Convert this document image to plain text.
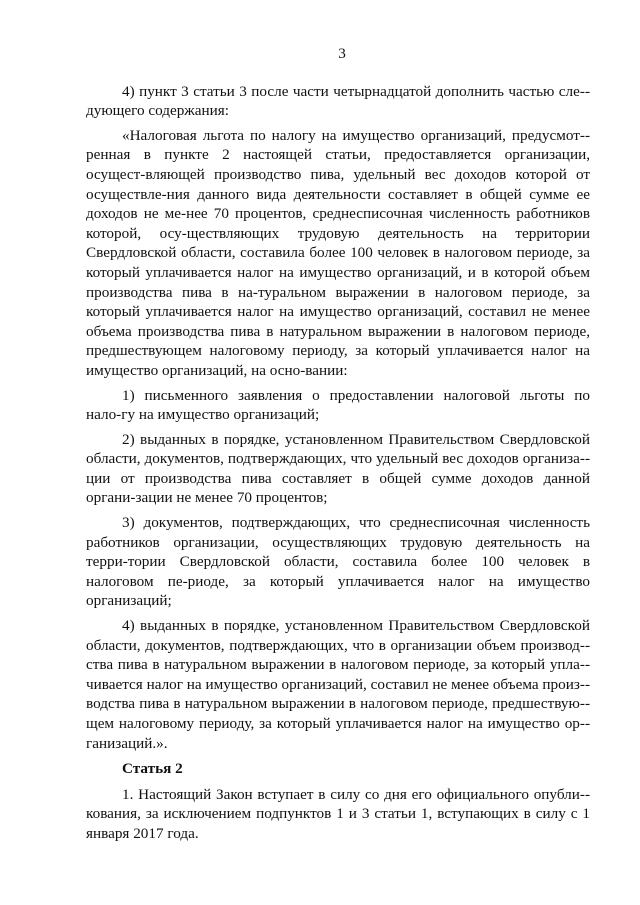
3

4) пункт 3 статьи 3 после части четырнадцатой дополнить частью сле-дующего содержания:

«Налоговая льгота по налогу на имущество организаций, предусмот-ренная в пункте 2 настоящей статьи, предоставляется организации, осущест-вляющей производство пива, удельный вес доходов которой от осуществле-ния данного вида деятельности составляет в общей сумме ее доходов не ме-нее 70 процентов, среднесписочная численность работников которой, осу-ществляющих трудовую деятельность на территории Свердловской области, составила более 100 человек в налоговом периоде, за который уплачивается налог на имущество организаций, и в которой объем производства пива в на-туральном выражении в налоговом периоде, за который уплачивается налог на имущество организаций, составил не менее объема производства пива в натуральном выражении в налоговом периоде, предшествующем налоговому периоду, за который уплачивается налог на имущество организаций, на осно-вании:

1) письменного заявления о предоставлении налоговой льготы по нало-гу на имущество организаций;

2) выданных в порядке, установленном Правительством Свердловской области, документов, подтверждающих, что удельный вес доходов организа-ции от производства пива составляет в общей сумме доходов данной органи-зации не менее 70 процентов;

3) документов, подтверждающих, что среднесписочная численность работников организации, осуществляющих трудовую деятельность на терри-тории Свердловской области, составила более 100 человек в налоговом пе-риоде, за который уплачивается налог на имущество организаций;

4) выданных в порядке, установленном Правительством Свердловской области, документов, подтверждающих, что в организации объем производ-ства пива в натуральном выражении в налоговом периоде, за который упла-чивается налог на имущество организаций, составил не менее объема произ-водства пива в натуральном выражении в налоговом периоде, предшествую-щем налоговому периоду, за который уплачивается налог на имущество ор-ганизаций.».

Статья 2

1. Настоящий Закон вступает в силу со дня его официального опубли-кования, за исключением подпунктов 1 и 3 статьи 1, вступающих в силу с 1 января 2017 года.
